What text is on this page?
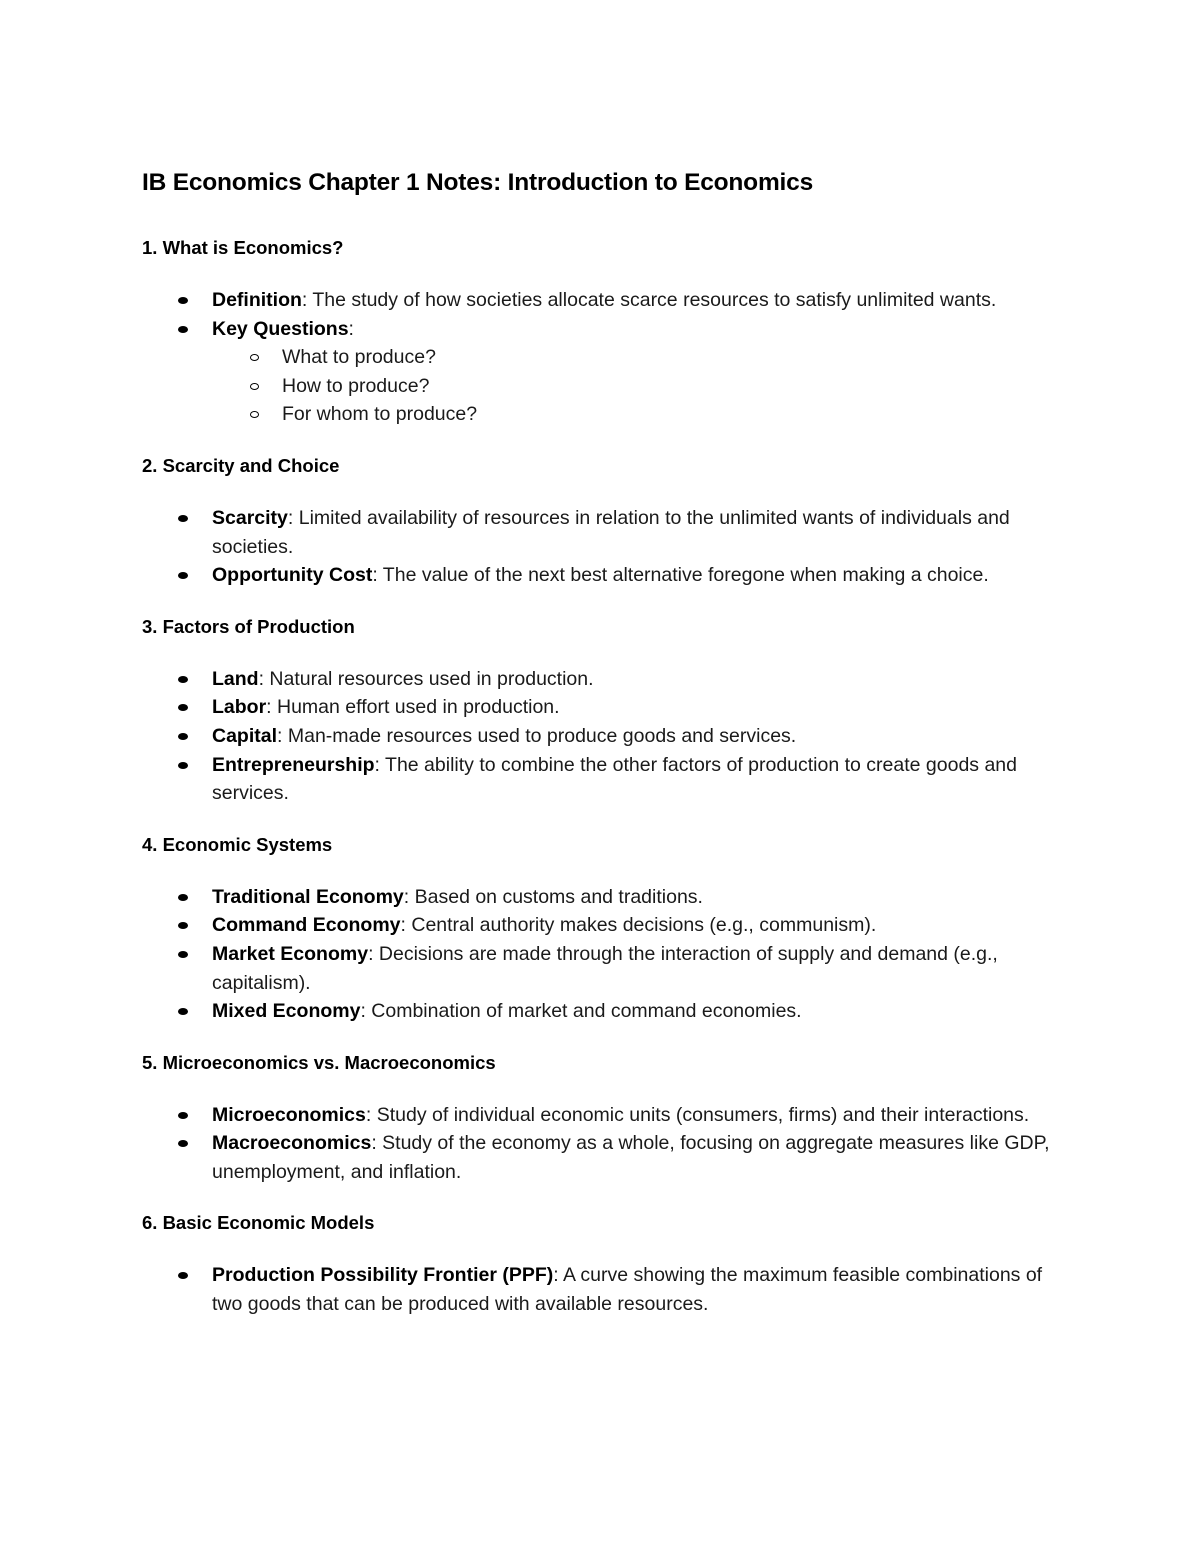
IB Economics Chapter 1 Notes: Introduction to Economics
1. What is Economics?
Definition: The study of how societies allocate scarce resources to satisfy unlimited wants.
Key Questions:
What to produce?
How to produce?
For whom to produce?
2. Scarcity and Choice
Scarcity: Limited availability of resources in relation to the unlimited wants of individuals and societies.
Opportunity Cost: The value of the next best alternative foregone when making a choice.
3. Factors of Production
Land: Natural resources used in production.
Labor: Human effort used in production.
Capital: Man-made resources used to produce goods and services.
Entrepreneurship: The ability to combine the other factors of production to create goods and services.
4. Economic Systems
Traditional Economy: Based on customs and traditions.
Command Economy: Central authority makes decisions (e.g., communism).
Market Economy: Decisions are made through the interaction of supply and demand (e.g., capitalism).
Mixed Economy: Combination of market and command economies.
5. Microeconomics vs. Macroeconomics
Microeconomics: Study of individual economic units (consumers, firms) and their interactions.
Macroeconomics: Study of the economy as a whole, focusing on aggregate measures like GDP, unemployment, and inflation.
6. Basic Economic Models
Production Possibility Frontier (PPF): A curve showing the maximum feasible combinations of two goods that can be produced with available resources.
